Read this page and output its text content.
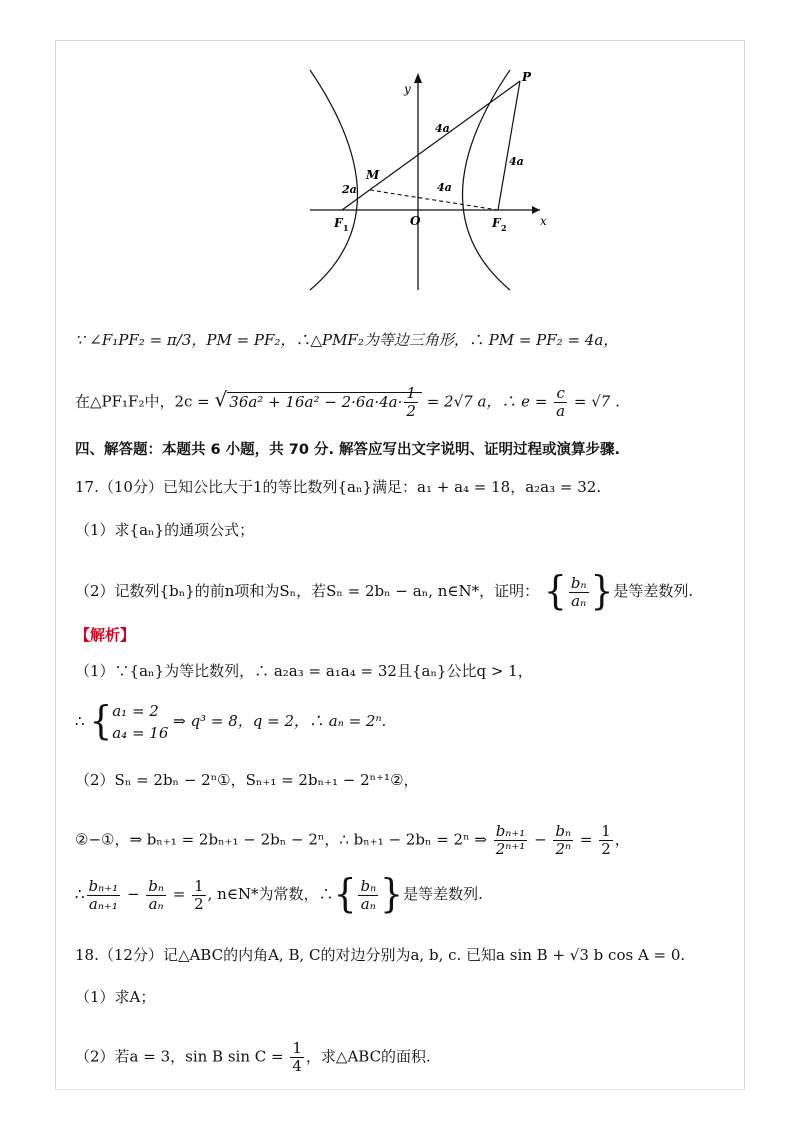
y
x
P
M
O
F 1	F 2
4a
4a
4a
2a
∵ ∠F₁PF₂ = π/3，PM = PF₂，∴△PMF₂为等边三角形，∴ PM = PF₂ = 4a，
在△PF₁F₂中，2c = √ $36a^2 + 16a^2 - 2\cdot 6a\cdot 4a\cdot \frac{1}{2} = 2√7$ a，∴ $e = \frac{c}{a} = √7$ .
四、解答题：本题共 6 小题，共 70 分. 解答应写出文字说明、证明过程或演算步骤.
17.（10分）已知公比大于1的等比数列{aₙ}满足：a₁ + a₄ = 18，a₂a₃ = 32.
（1）求{aₙ}的通项公式；
（2）记数列{bₙ}的前n项和为Sₙ，若Sₙ = 2bₙ − aₙ, n∈N*，证明： { $\frac{\text{bₙ}}{\text{aₙ}}$ } 是等差数列.
【解析】
（1）∵{aₙ}为等比数列，∴ a₂a₃ = a₁a₄ = 32且{aₙ}公比q > 1，
∴ { a₁ = 2
a₄ = 16
⇒ q³ = 8，q = 2，∴ aₙ = 2ⁿ.
（2）Sₙ = 2bₙ − 2ⁿ①，Sₙ₊₁ = 2bₙ₊₁ − 2ⁿ⁺¹②，
②−①，⇒ bₙ₊₁ = 2bₙ₊₁ − 2bₙ − 2ⁿ，∴ bₙ₊₁ − 2bₙ = 2ⁿ ⇒ $\frac{\text{bₙ₊₁}}{\text{2ⁿ⁺¹}} - \frac{\text{bₙ}}{\text{2ⁿ}} = \frac{1}{2}$ ，
∴ $\frac{\text{bₙ₊₁}}{\text{aₙ₊₁}} - \frac{\text{bₙ}}{\text{aₙ}} = \frac{1}{2}$ , n∈N*为常数，∴ { $\frac{\text{bₙ}}{\text{aₙ}}$ } 是等差数列.
18.（12分）记△ABC的内角A, B, C的对边分别为a, b, c. 已知a sin B + √3 b cos A = 0.
（1）求A；
（2）若a = 3，sin B $\sin C = \frac{1}{4}$ ，求△ABC的面积.
